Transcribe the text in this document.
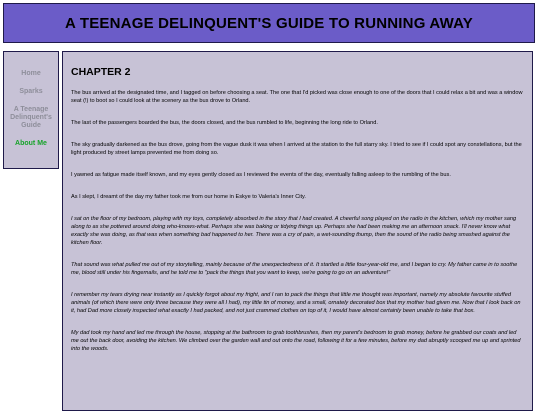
A TEENAGE DELINQUENT'S GUIDE TO RUNNING AWAY
Home
Sparks
A Teenage Delinquent's Guide
About Me
CHAPTER 2

The bus arrived at the designated time, and I tagged on before choosing a seat. The one that I'd picked was close enough to one of the doors that I could relax a bit and was a window seat (!) to boot so I could look at the scenery as the bus drove to Orland.

The last of the passengers boarded the bus, the doors closed, and the bus rumbled to life, beginning the long ride to Orland.

The sky gradually darkened as the bus drove, going from the vague dusk it was when I arrived at the station to the full starry sky. I tried to see if I could spot any constellations, but the light produced by street lamps prevented me from doing so.

I yawned as fatigue made itself known, and my eyes gently closed as I reviewed the events of the day, eventually falling asleep to the rumbling of the bus.

As I slept, I dreamt of the day my father took me from our home in Eskye to Valeria's Inner City.

I sat on the floor of my bedroom, playing with my toys, completely absorbed in the story that I had created. A cheerful song played on the radio in the kitchen, which my mother sang along to as she pottered around doing who-knows-what. Perhaps she was baking or tidying things up. Perhaps she had been making me an afternoon snack. I'll never know what exactly she was doing, as that was when something bad happened to her. There was a cry of pain, a wet-sounding thump, then the sound of the radio being smashed against the kitchen floor.

That sound was what pulled me out of my storytelling, mainly because of the unexpectedness of it. It startled a little four-year-old me, and I began to cry. My father came in to soothe me, blood still under his fingernails, and he told me to "pack the things that you want to keep, we're going to go on an adventure!"

I remember my tears drying near instantly as I quickly forgot about my fright, and I ran to pack the things that little me thought was important, namely my absolute favourite stuffed animals (of which there were only three because they were all I had), my little tin of money, and a small, ornately decorated box that my mother had given me. Now that I look back on it, had Dad more closely inspected what exactly I had packed, and not just crammed clothes on top of it, I would have almost certainly been unable to take that box.

My dad took my hand and led me through the house, stopping at the bathroom to grab toothbrushes, then my parent's bedroom to grab money, before he grabbed our coats and led me out the back door, avoiding the kitchen. We climbed over the garden wall and out onto the road, following it for a few minutes, before my dad abruptly scooped me up and sprinted into the woods.
